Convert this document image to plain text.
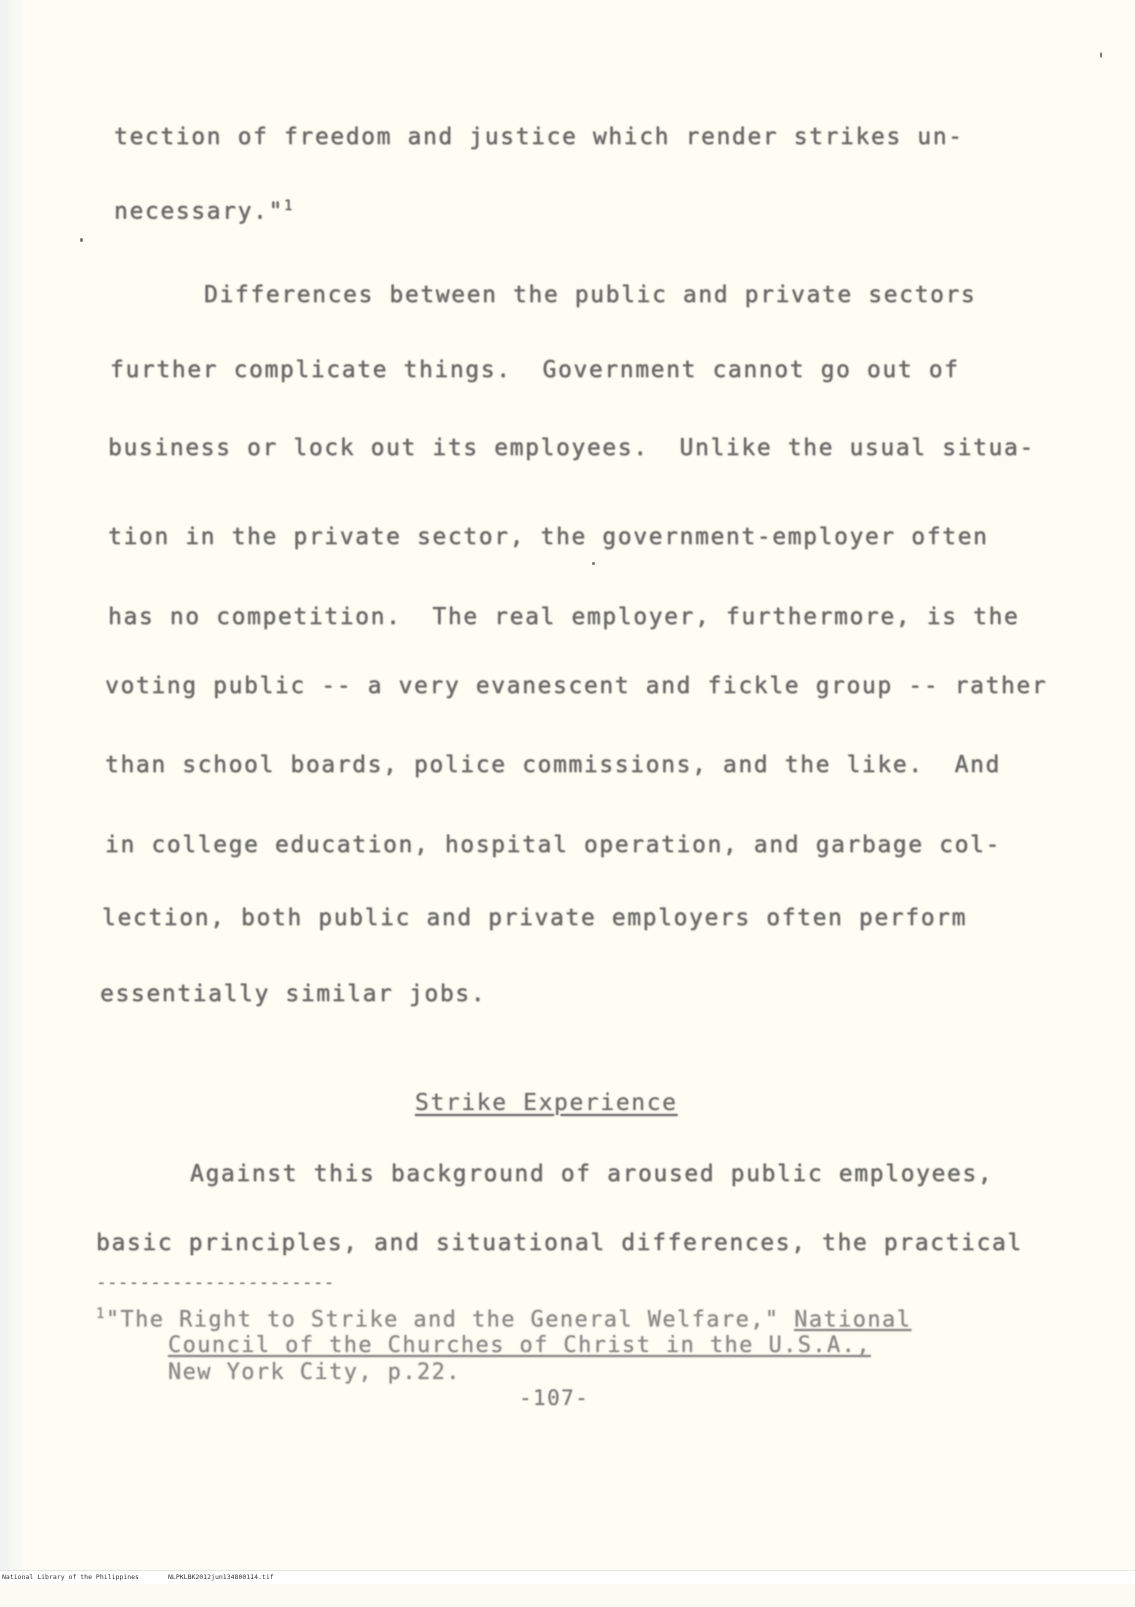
tection of freedom and justice which render strikes un-
necessary."$^1$
Differences between the public and private sectors
further complicate things.  Government cannot go out of
business or lock out its employees.  Unlike the usual situa-
tion in the private sector, the government-employer often
has no competition.  The real employer, furthermore, is the
voting public -- a very evanescent and fickle group -- rather
than school boards, police commissions, and the like.  And
in college education, hospital operation, and garbage col-
lection, both public and private employers often perform
essentially similar jobs.
Strike Experience
Against this background of aroused public employees,
basic principles, and situational differences, the practical
----------------------
$^1$"The Right to Strike and the General Welfare," National
Council of the Churches of Christ in the U.S.A.,
New York City, p.22.
-107-

National Library of the Philippines

	NLPKLBK2012jun134800114.tif
